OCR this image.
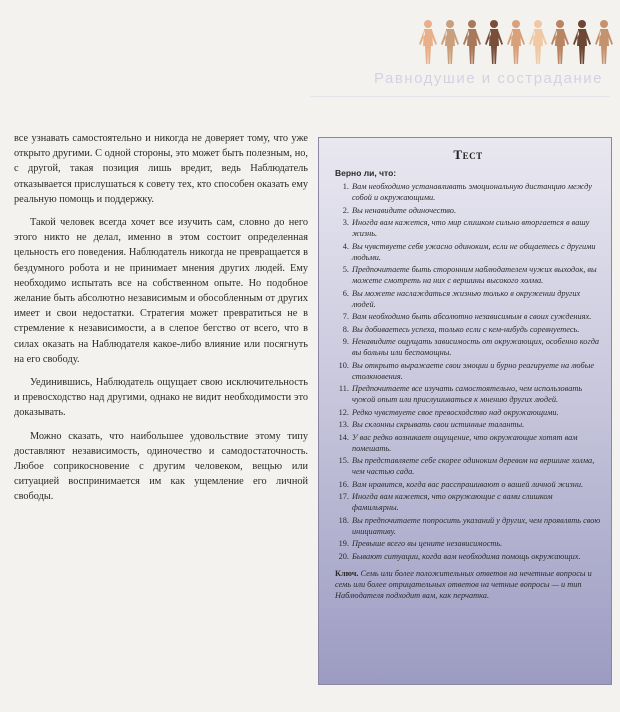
Равнодушие и сострадание

все узнавать самостоятельно и никогда не доверяет тому, что уже открыто другими. С одной стороны, это может быть полезным, но, с другой, такая позиция лишь вредит, ведь Наблюдатель отказывается прислушаться к совету тех, кто способен оказать ему реальную помощь и поддержку.

Такой человек всегда хочет все изучить сам, словно до него этого никто не делал, именно в этом состоит определенная цельность его поведения. Наблюдатель никогда не превращается в бездумного робота и не принимает мнения других людей. Ему необходимо испытать все на собственном опыте. Но подобное желание быть абсолютно независимым и обособленным от других имеет и свои недостатки. Стратегия может превратиться не в стремление к независимости, а в слепое бегство от всего, что в силах оказать на Наблюдателя какое-либо влияние или посягнуть на его свободу.

Уединившись, Наблюдатель ощущает свою исключительность и превосходство над другими, однако не видит необходимости это доказывать.

Можно сказать, что наибольшее удовольствие этому типу доставляют независимость, одиночество и самодостаточность. Любое соприкосновение с другим человеком, вещью или ситуацией воспринимается им как ущемление его личной свободы.

Тест
Верно ли, что:
1. Вам необходимо устанавливать эмоциональную дистанцию между собой и окружающими.
2. Вы ненавидите одиночество.
3. Иногда вам кажется, что мир слишком сильно вторгается в вашу жизнь.
4. Вы чувствуете себя ужасно одиноким, если не общаетесь с другими людьми.
5. Предпочитаете быть сторонним наблюдателем чужих выходок, вы можете смотреть на них с вершины высокого холма.
6. Вы можете наслаждаться жизнью только в окружении других людей.
7. Вам необходимо быть абсолютно независимым в своих суждениях.
8. Вы добиваетесь успеха, только если с кем-нибудь соревнуетесь.
9. Ненавидите ощущать зависимость от окружающих, особенно когда вы больны или беспомощны.
10. Вы открыто выражаете свои эмоции и бурно реагируете на любые столкновения.
11. Предпочитаете все изучать самостоятельно, чем использовать чужой опыт или прислушиваться к мнению других людей.
12. Редко чувствуете свое превосходство над окружающими.
13. Вы склонны скрывать свои истинные таланты.
14. У вас редко возникает ощущение, что окружающие хотят вам помешать.
15. Вы представляете себе скорее одиноким деревом на вершине холма, чем частью сада.
16. Вам нравится, когда вас расспрашивают о вашей личной жизни.
17. Иногда вам кажется, что окружающие с вами слишком фамильярны.
18. Вы предпочитаете попросить указаний у других, чем проявлять свою инициативу.
19. Превыше всего вы цените независимость.
20. Бывают ситуации, когда вам необходима помощь окружающих.
Ключ. Семь или более положительных ответов на нечетные вопросы и семь или более отрицательных ответов на четные вопросы — и тип Наблюдателя подходит вам, как перчатка.
